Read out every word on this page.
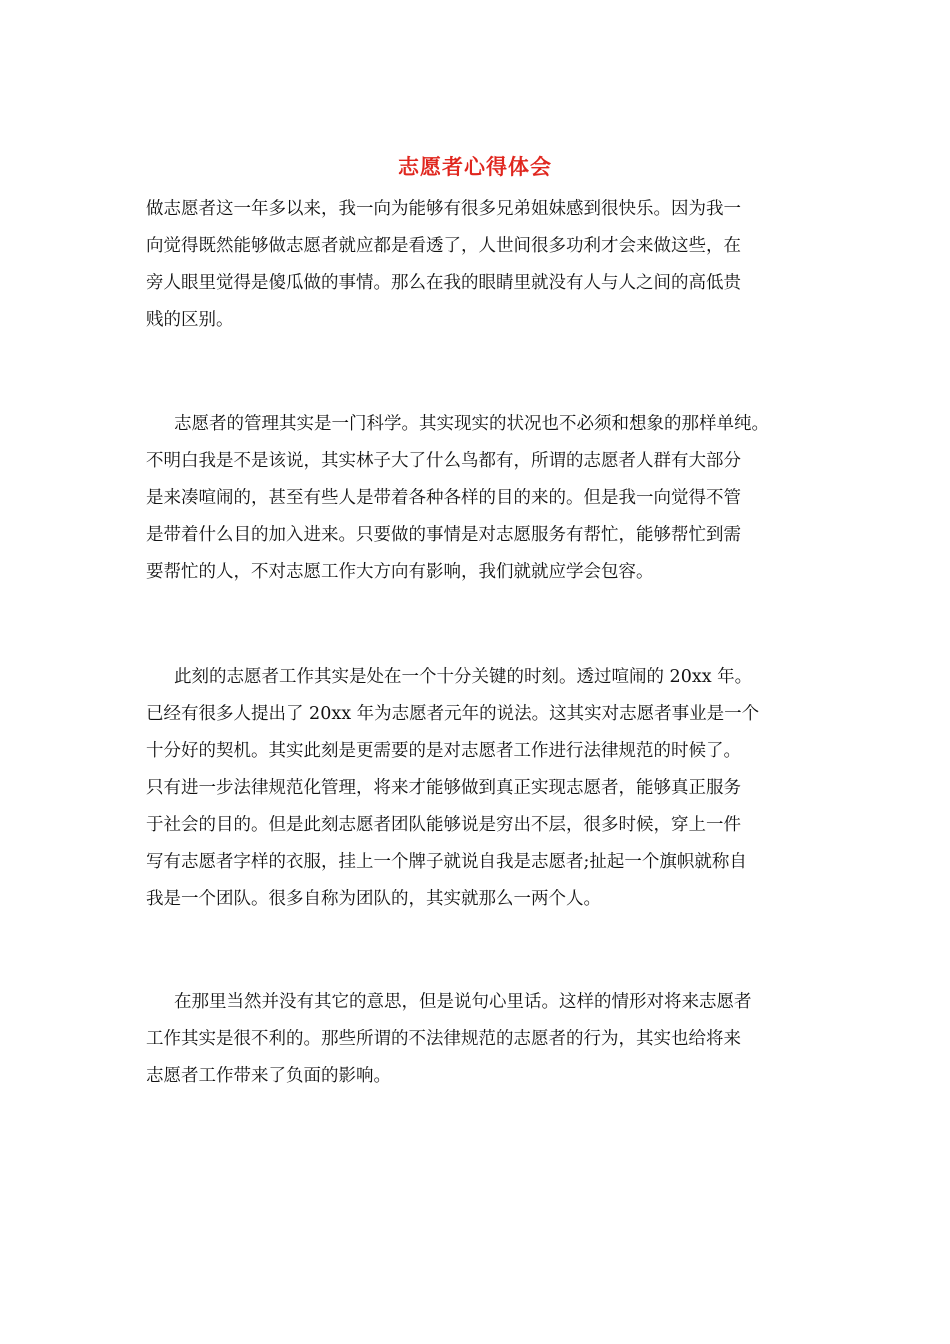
志愿者心得体会
做志愿者这一年多以来，我一向为能够有很多兄弟姐妹感到很快乐。因为我一
向觉得既然能够做志愿者就应都是看透了，人世间很多功利才会来做这些，在
旁人眼里觉得是傻瓜做的事情。那么在我的眼睛里就没有人与人之间的高低贵
贱的区别。
志愿者的管理其实是一门科学。其实现实的状况也不必须和想象的那样单纯。
不明白我是不是该说，其实林子大了什么鸟都有，所谓的志愿者人群有大部分
是来凑喧闹的，甚至有些人是带着各种各样的目的来的。但是我一向觉得不管
是带着什么目的加入进来。只要做的事情是对志愿服务有帮忙，能够帮忙到需
要帮忙的人，不对志愿工作大方向有影响，我们就就应学会包容。
此刻的志愿者工作其实是处在一个十分关键的时刻。透过喧闹的 20xx 年。
已经有很多人提出了 20xx 年为志愿者元年的说法。这其实对志愿者事业是一个
十分好的契机。其实此刻是更需要的是对志愿者工作进行法律规范的时候了。
只有进一步法律规范化管理，将来才能够做到真正实现志愿者，能够真正服务
于社会的目的。但是此刻志愿者团队能够说是穷出不层，很多时候，穿上一件
写有志愿者字样的衣服，挂上一个牌子就说自我是志愿者;扯起一个旗帜就称自
我是一个团队。很多自称为团队的，其实就那么一两个人。
在那里当然并没有其它的意思，但是说句心里话。这样的情形对将来志愿者
工作其实是很不利的。那些所谓的不法律规范的志愿者的行为，其实也给将来
志愿者工作带来了负面的影响。
